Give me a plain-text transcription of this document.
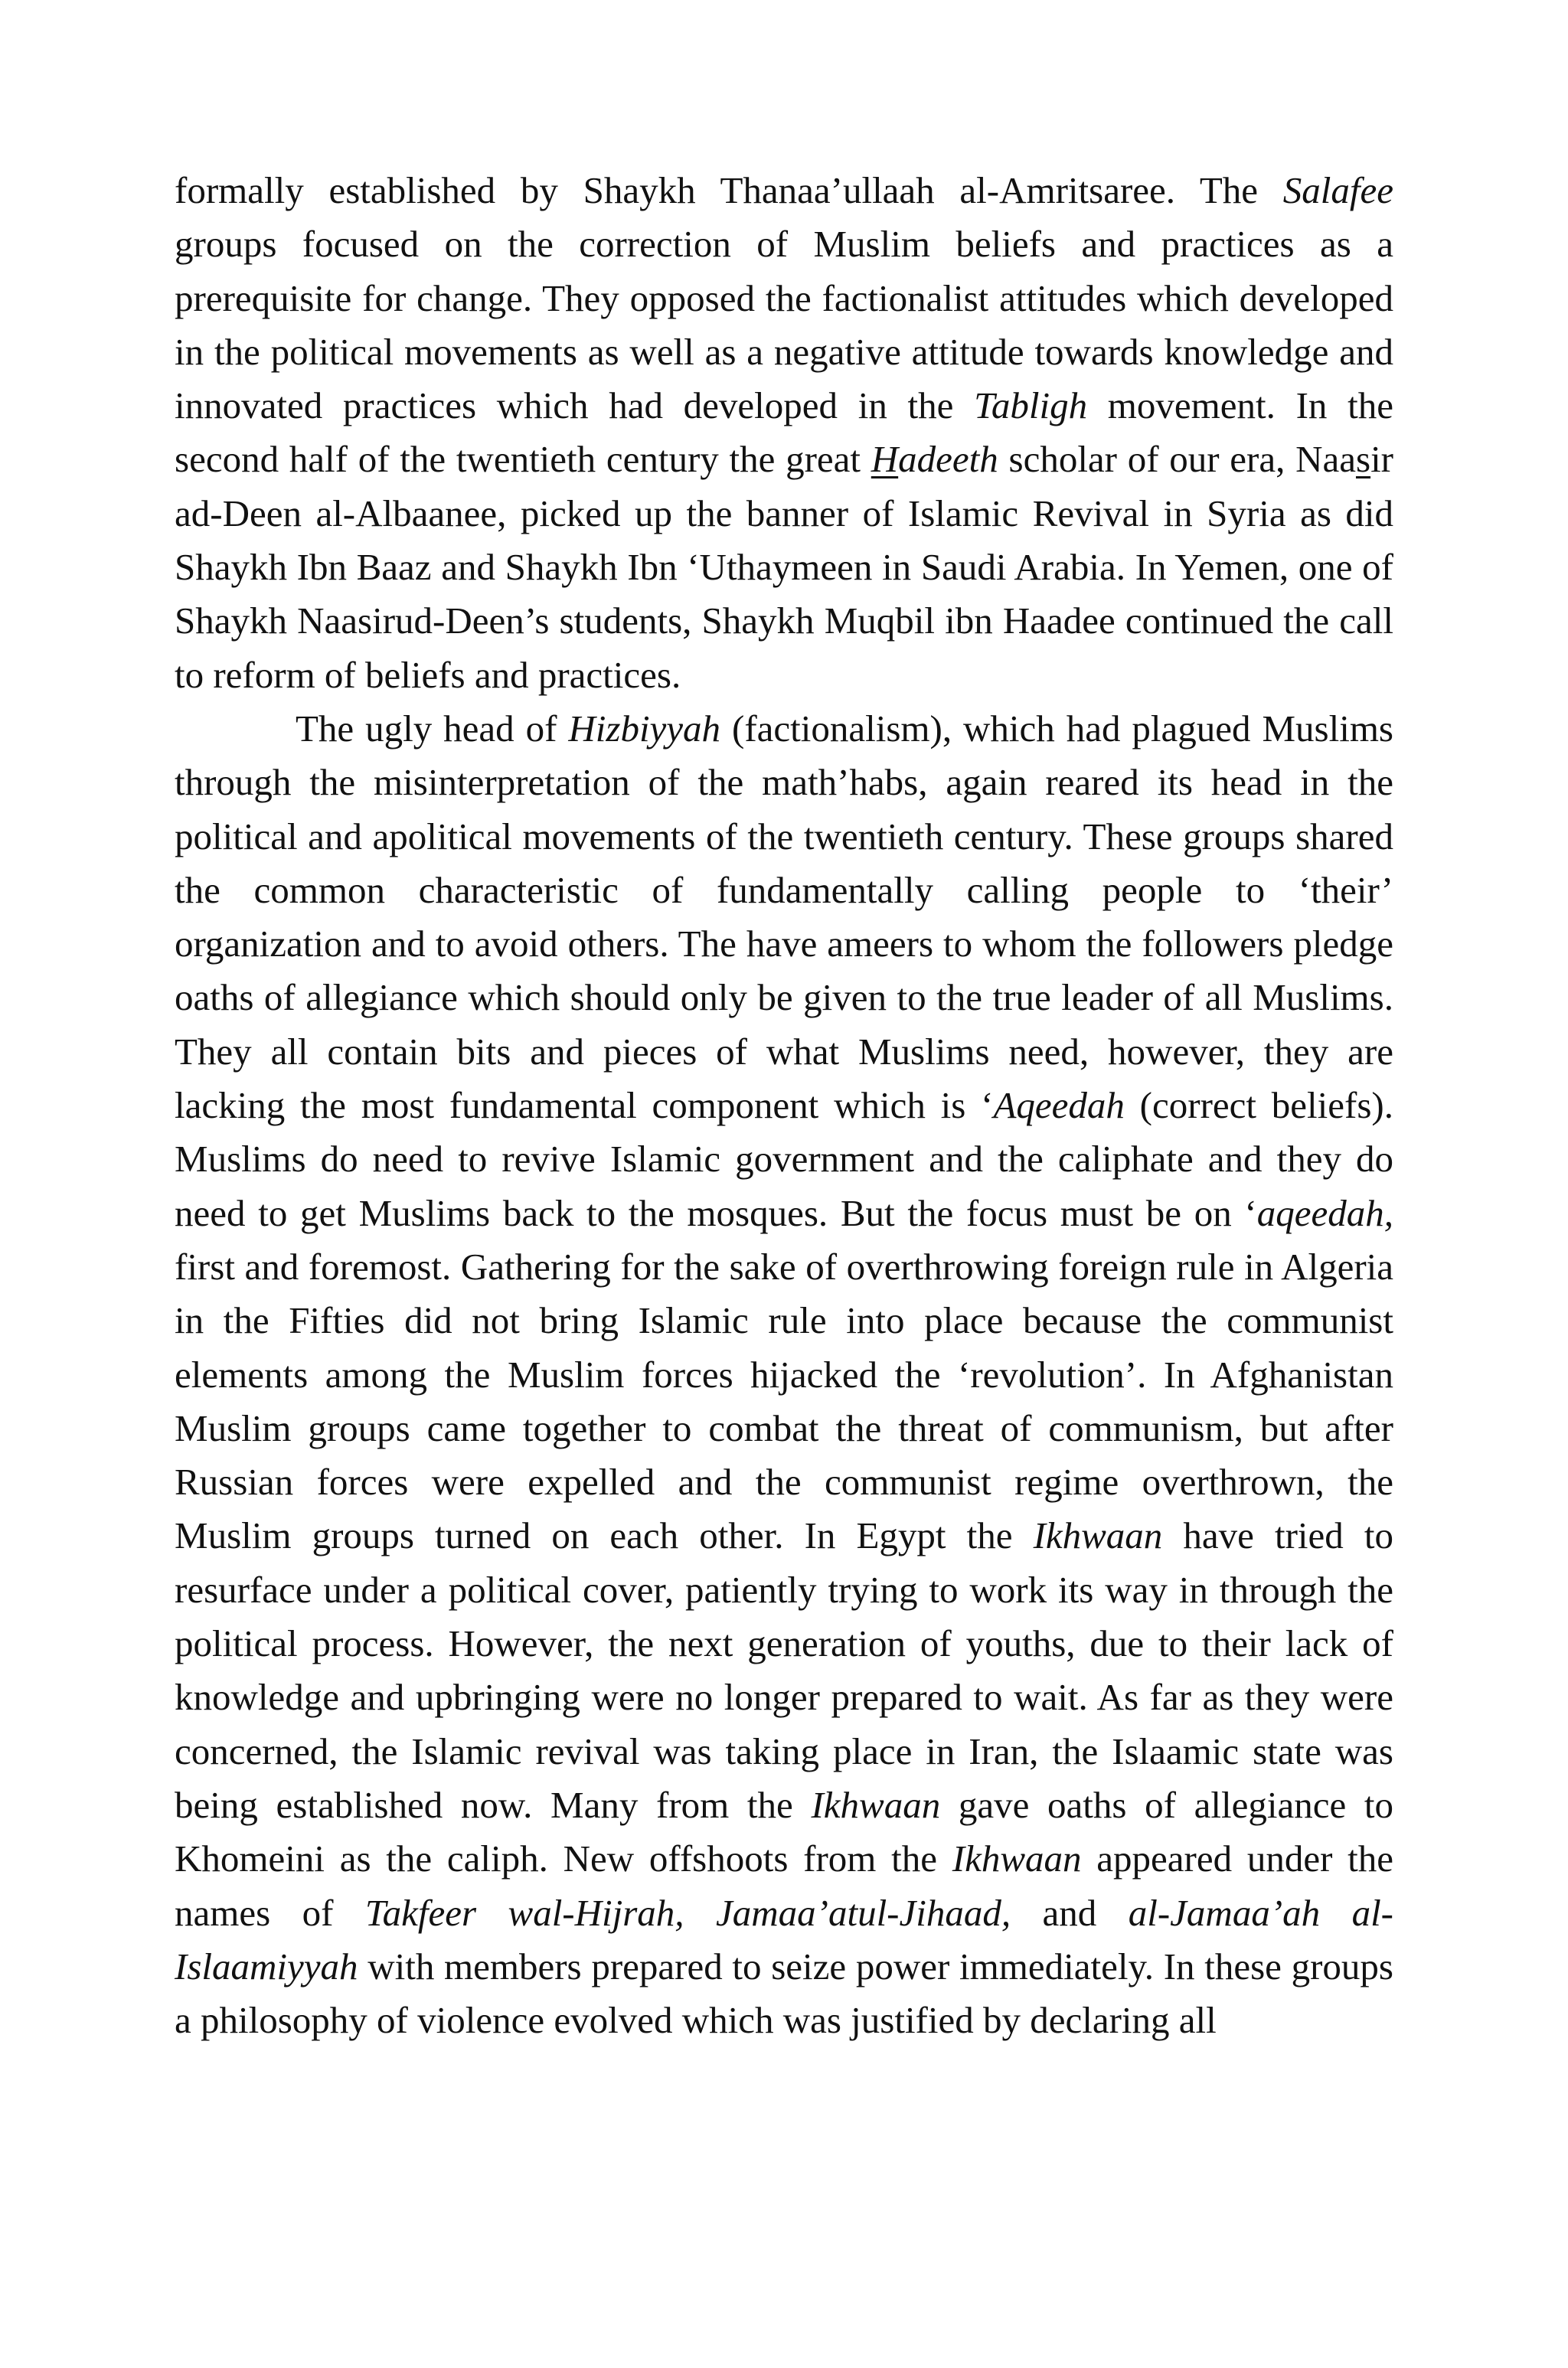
formally established by Shaykh Thanaa’ullaah al-Amritsaree. The Salafee groups focused on the correction of Muslim beliefs and practices as a prerequisite for change. They opposed the factionalist attitudes which developed in the political movements as well as a negative attitude towards knowledge and innovated practices which had developed in the Tabligh movement. In the second half of the twentieth century the great Hadeeth scholar of our era, Naasir ad-Deen al-Albaanee, picked up the banner of Islamic Revival in Syria as did Shaykh Ibn Baaz and Shaykh Ibn ‘Uthaymeen in Saudi Arabia. In Yemen, one of Shaykh Naasirud-Deen’s students, Shaykh Muqbil ibn Haadee continued the call to reform of beliefs and practices.

The ugly head of Hizbiyyah (factionalism), which had plagued Muslims through the misinterpretation of the math’habs, again reared its head in the political and apolitical movements of the twentieth century. These groups shared the common characteristic of fundamentally calling people to ‘their’ organization and to avoid others. The have ameers to whom the followers pledge oaths of allegiance which should only be given to the true leader of all Muslims. They all contain bits and pieces of what Muslims need, however, they are lacking the most fundamental component which is ‘Aqeedah (correct beliefs). Muslims do need to revive Islamic government and the caliphate and they do need to get Muslims back to the mosques. But the focus must be on ‘aqeedah, first and foremost. Gathering for the sake of overthrowing foreign rule in Algeria in the Fifties did not bring Islamic rule into place because the communist elements among the Muslim forces hijacked the ‘revolution’. In Afghanistan Muslim groups came together to combat the threat of communism, but after Russian forces were expelled and the communist regime overthrown, the Muslim groups turned on each other. In Egypt the Ikhwaan have tried to resurface under a political cover, patiently trying to work its way in through the political process. However, the next generation of youths, due to their lack of knowledge and upbringing were no longer prepared to wait. As far as they were concerned, the Islamic revival was taking place in Iran, the Islaamic state was being established now. Many from the Ikhwaan gave oaths of allegiance to Khomeini as the caliph. New offshoots from the Ikhwaan appeared under the names of Takfeer wal-Hijrah, Jamaa’atul-Jihaad, and al-Jamaa’ah al-Islaamiyyah with members prepared to seize power immediately. In these groups a philosophy of violence evolved which was justified by declaring all
